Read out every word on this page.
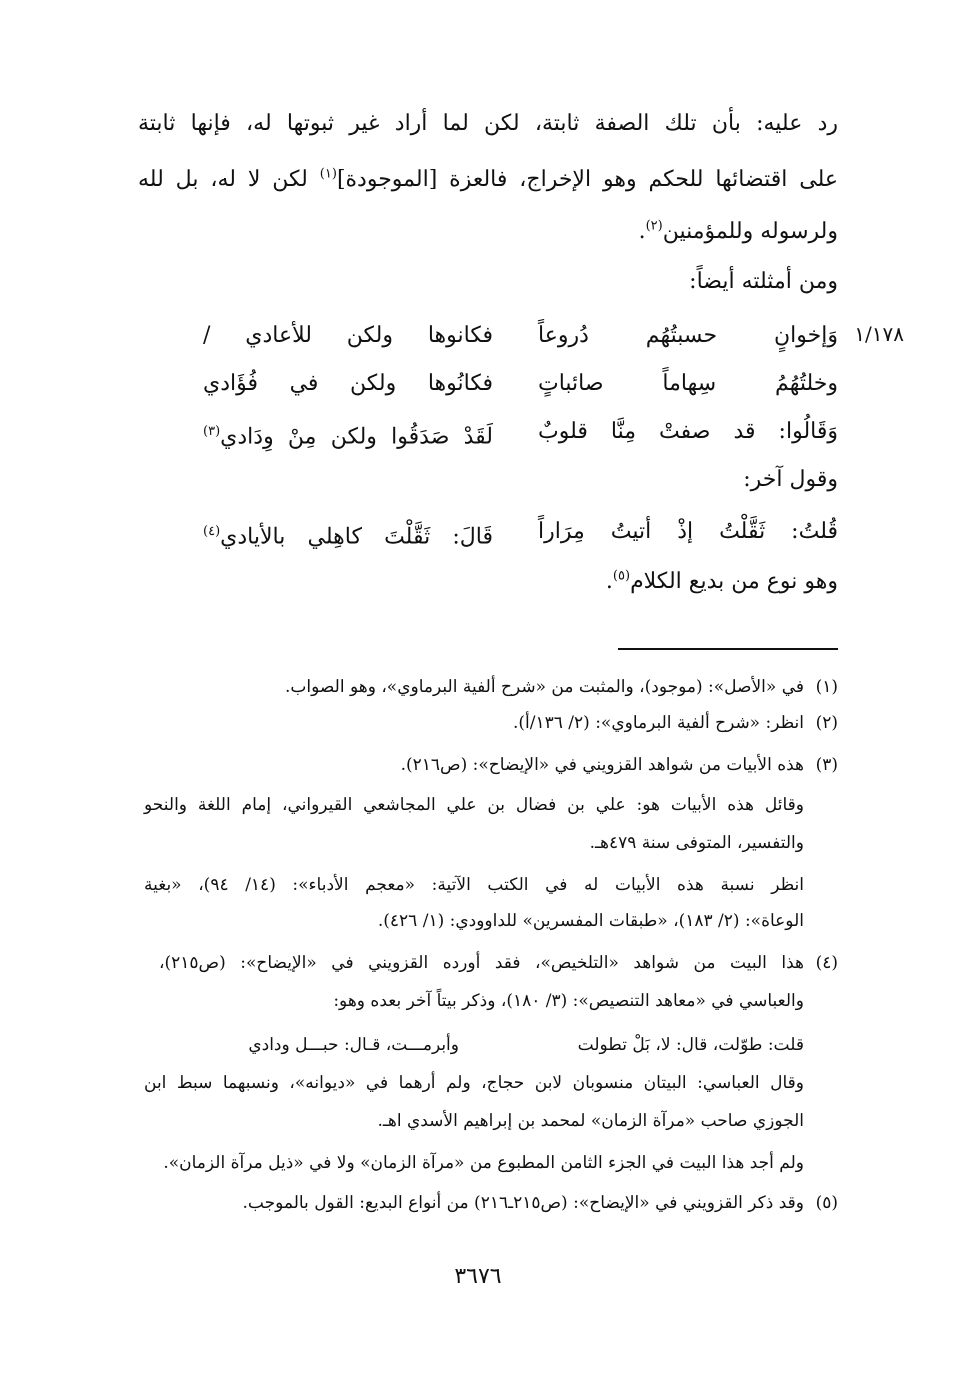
رد عليه: بأن تلك الصفة ثابتة، لكن لما أراد غير ثبوتها له، فإنها ثابتة
على اقتضائها للحكم وهو الإخراج، فالعزة [الموجودة]$^{(١)}$ لكن لا له، بل لله
ولرسوله وللمؤمنين$^{(٢)}$.
ومن أمثلته أيضاً:
١/١٧٨
وَإخوانٍ حسبتُهُم دُروعاً
فكانوها ولكن للأعادي /
وخلتُهُمُ سِهاماً صائباتٍ
فكانُوها ولكن في فُؤَادي
وَقَالُوا: قد صفتْ مِنَّا قلوبٌ
لَقَدْ صَدَقُوا ولكن مِنْ وِدَادي$^{(٣)}$
وقول آخر:
قُلتُ: ثَقَّلْتُ إذْ أتيتُ مِرَاراً
قَالَ: ثَقَّلْتَ كاهِلي بالأيادي$^{(٤)}$
وهو نوع من بديع الكلام$^{(٥)}$.
(١)
في «الأصل»: (موجود)، والمثبت من «شرح ألفية البرماوي»، وهو الصواب.
(٢)
انظر: «شرح ألفية البرماوي»: (٢/ ١٣٦/أ).
(٣)
هذه الأبيات من شواهد القزويني في «الإيضاح»: (ص٢١٦).
وقائل هذه الأبيات هو: علي بن فضال بن علي المجاشعي القيرواني، إمام اللغة والنحو
والتفسير، المتوفى سنة ٤٧٩هـ.
انظر نسبة هذه الأبيات له في الكتب الآتية: «معجم الأدباء»: (١٤/ ٩٤)، «بغية
الوعاة»: (٢/ ١٨٣)، «طبقات المفسرين» للداوودي: (١/ ٤٢٦).
(٤)
هذا البيت من شواهد «التلخيص»، فقد أورده القزويني في «الإيضاح»: (ص٢١٥)،
والعباسي في «معاهد التنصيص»: (٣/ ١٨٠)، وذكر بيتاً آخر بعده وهو:
قلت: طوّلت، قال: لا، بَلْ تطولت
وأبرمـــت، قـال: حبـــل ودادي
وقال العباسي: البيتان منسوبان لابن حجاج، ولم أرهما في «ديوانه»، ونسبهما سبط ابن
الجوزي صاحب «مرآة الزمان» لمحمد بن إبراهيم الأسدي اهـ.
ولم أجد هذا البيت في الجزء الثامن المطبوع من «مرآة الزمان» ولا في «ذيل مرآة الزمان».
(٥)
وقد ذكر القزويني في «الإيضاح»: (ص٢١٥ـ٢١٦) من أنواع البديع: القول بالموجب.
٣٦٧٦
